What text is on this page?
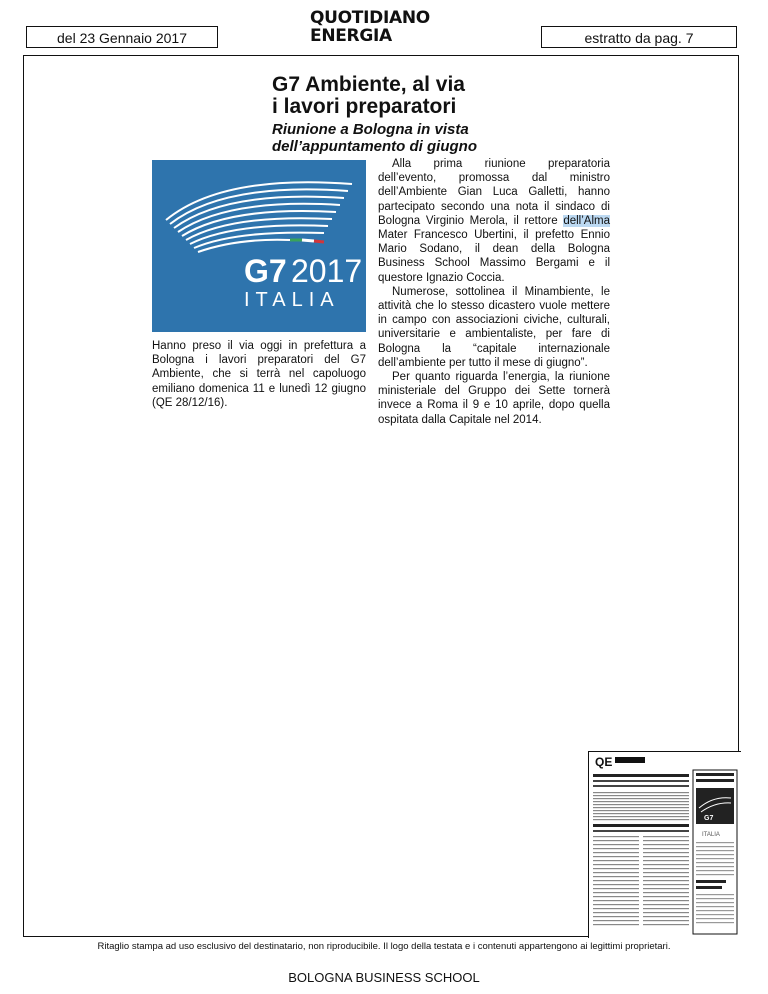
del 23 Gennaio 2017
QUOTIDIANO
ENERGIA	estratto da pag. 7
G7 Ambiente, al via
i lavori preparatori
Riunione a Bologna in vista
dell’appuntamento di giugno
G7 2017
ITALIA
Hanno preso il via oggi in prefettura a Bologna i lavori preparatori del G7 Ambiente, che si terrà nel capoluogo emiliano domenica 11 e lunedì 12 giugno (QE 28/12/16).

Alla prima riunione preparatoria dell’evento, promossa dal ministro dell’Ambiente Gian Luca Galletti, hanno partecipato secondo una nota il sindaco di Bologna Virginio Merola, il rettore dell’Alma Mater Francesco Ubertini, il prefetto Ennio Mario Sodano, il dean della Bologna Business School Massimo Bergami e il questore Ignazio Coccia.

Numerose, sottolinea il Minambiente, le attività che lo stesso dicastero vuole mettere in campo con associazioni civiche, culturali, universitarie e ambientaliste, per fare di Bologna la “capitale internazionale dell’ambiente per tutto il mese di giugno”.

Per quanto riguarda l’energia, la riunione ministeriale del Gruppo dei Sette tornerà invece a Roma il 9 e 10 aprile, dopo quella ospitata dalla Capitale nel 2014.

QE
G7
ITALIA
Ritaglio stampa ad uso esclusivo del destinatario, non riproducibile. Il logo della testata e i contenuti appartengono ai legittimi proprietari.
BOLOGNA BUSINESS SCHOOL
